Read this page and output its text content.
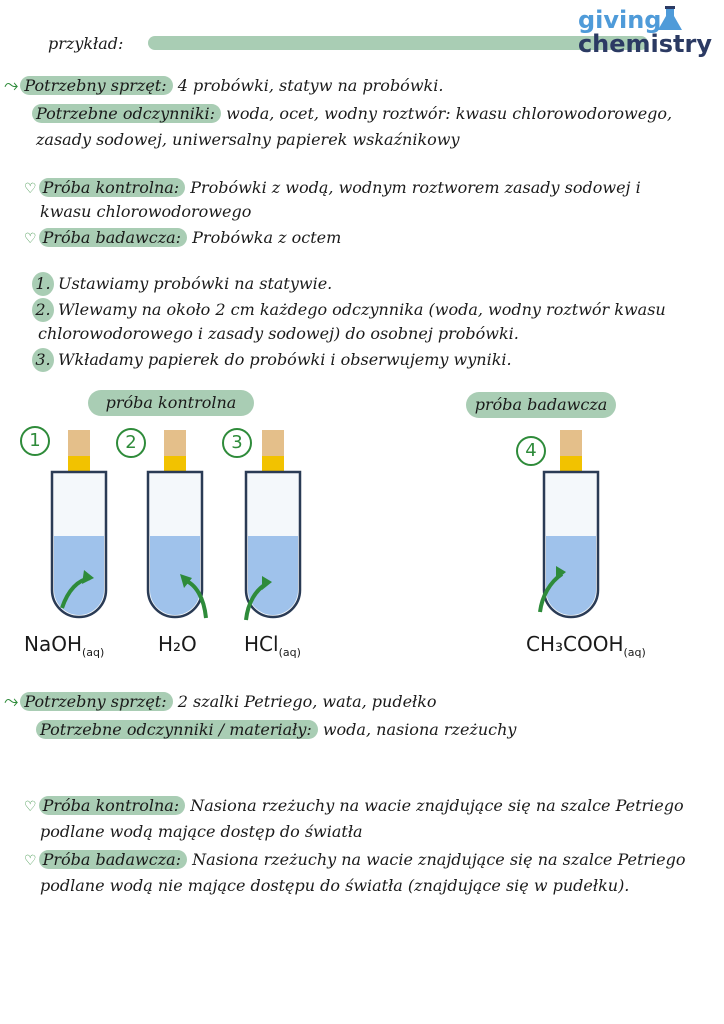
przykład:
giving
chemistry
⤳ Potrzebny sprzęt: 4 probówki, statyw na probówki.
Potrzebne odczynniki: woda, ocet, wodny roztwór: kwasu chlorowodorowego,
zasady sodowej, uniwersalny papierek wskaźnikowy
♡ Próba kontrolna: Probówki z wodą, wodnym roztworem zasady sodowej i
kwasu chlorowodorowego
♡ Próba badawcza: Probówka z octem
1. Ustawiamy probówki na statywie.
2. Wlewamy na około 2 cm każdego odczynnika (woda, wodny roztwór kwasu
chlorowodorowego i zasady sodowej) do osobnej probówki.
3. Wkładamy papierek do probówki i obserwujemy wyniki.
próba kontrolna	próba badawcza
1	2	3	4
NaOH$_{(aq)}$	H₂O HCl$_{(aq)}$	$CH_3COOH_{(aq)}$
⤳ Potrzebny sprzęt: 2 szalki Petriego, wata, pudełko
Potrzebne odczynniki / materiały: woda, nasiona rzeżuchy
♡ Próba kontrolna: Nasiona rzeżuchy na wacie znajdujące się na szalce Petriego
podlane wodą mające dostęp do światła
♡ Próba badawcza: Nasiona rzeżuchy na wacie znajdujące się na szalce Petriego
podlane wodą nie mające dostępu do światła (znajdujące się w pudełku).
